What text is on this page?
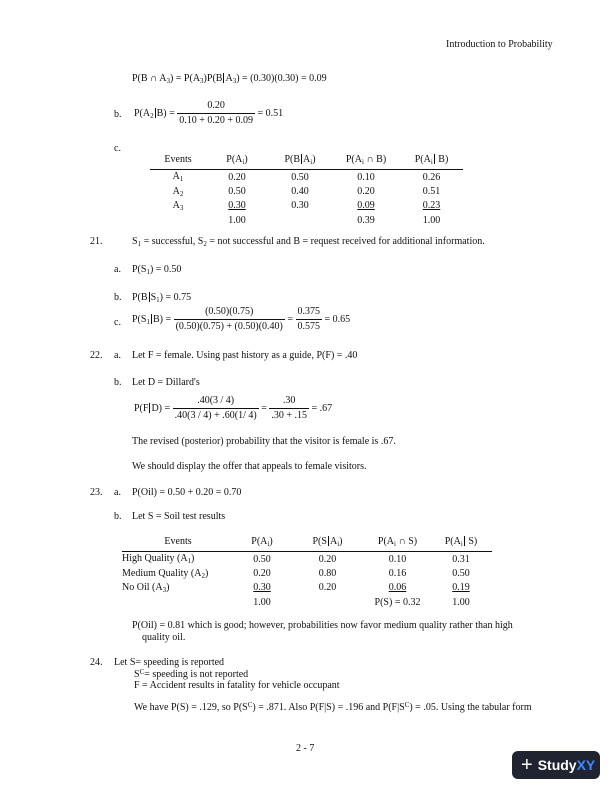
Introduction to Probability
P(B ∩ $A_3) = P(A_3)P(B$ $A_3) = (0.30)(0.30) = 0.09$
b. $P(A_2$ $B) = \frac{0.20}{0.10 + 0.20 + 0.09} = 0.51$
c.
Events	$P(A_i)$	P(B $A_i$)	$P(A_i$ ∩ B)	$P(A_i$ B)
$A_1$	0.20	0.50	0.10	0.26
$A_2$	0.50	0.40	0.20	0.51
$A_3$	0.30	0.30	0.09	0.23
	1.00		0.39	1.00
21.	$S_1$ = successful, $S_2$ = not successful and B = request received for additional information.
a. $P(S_1) = 0.50$
b. P(B $S_1) = 0.75$
c. $P(S_1$ $B) = \frac{(0.50)(0.75)}{(0.50)(0.75) + (0.50)(0.40)} = \frac{0.375}{0.575} = 0.65$
22. a. Let F = female. Using past history as a guide, P(F) = .40
b. Let D = Dillard's
P(F $D) = \frac{.40(3 / 4)}{.40(3 / 4) + .60(1/ 4)} = \frac{.30}{.30 + .15} = .67$
The revised (posterior) probability that the visitor is female is .67.
We should display the offer that appeals to female visitors.
23. a. P(Oil) = 0.50 + 0.20 = 0.70
b. Let S = Soil test results
Events	$P(A_i)$	P(S $A_i$)	$P(A_i$ ∩ S)	$P(A_i$ S)
High Quality $(A_1)$	0.50	0.20	0.10	0.31
Medium Quality $(A_2)$	0.20	0.80	0.16	0.50
No Oil $(A_3)$	0.30	0.20	0.06	0.19
	1.00		P(S) = 0.32	1.00
P(Oil) = 0.81 which is good; however, probabilities now favor medium quality rather than high
quality oil.
24. Let S= speeding is reported
$S^C=$ speeding is not reported
F = Accident results in fatality for vehicle occupant
We have P(S) = .129, so $P(S^C) = .871$. Also P(F|S) = .196 and $P(F|S^C) = .05$. Using the tabular form
2 - 7
+ StudyXY
